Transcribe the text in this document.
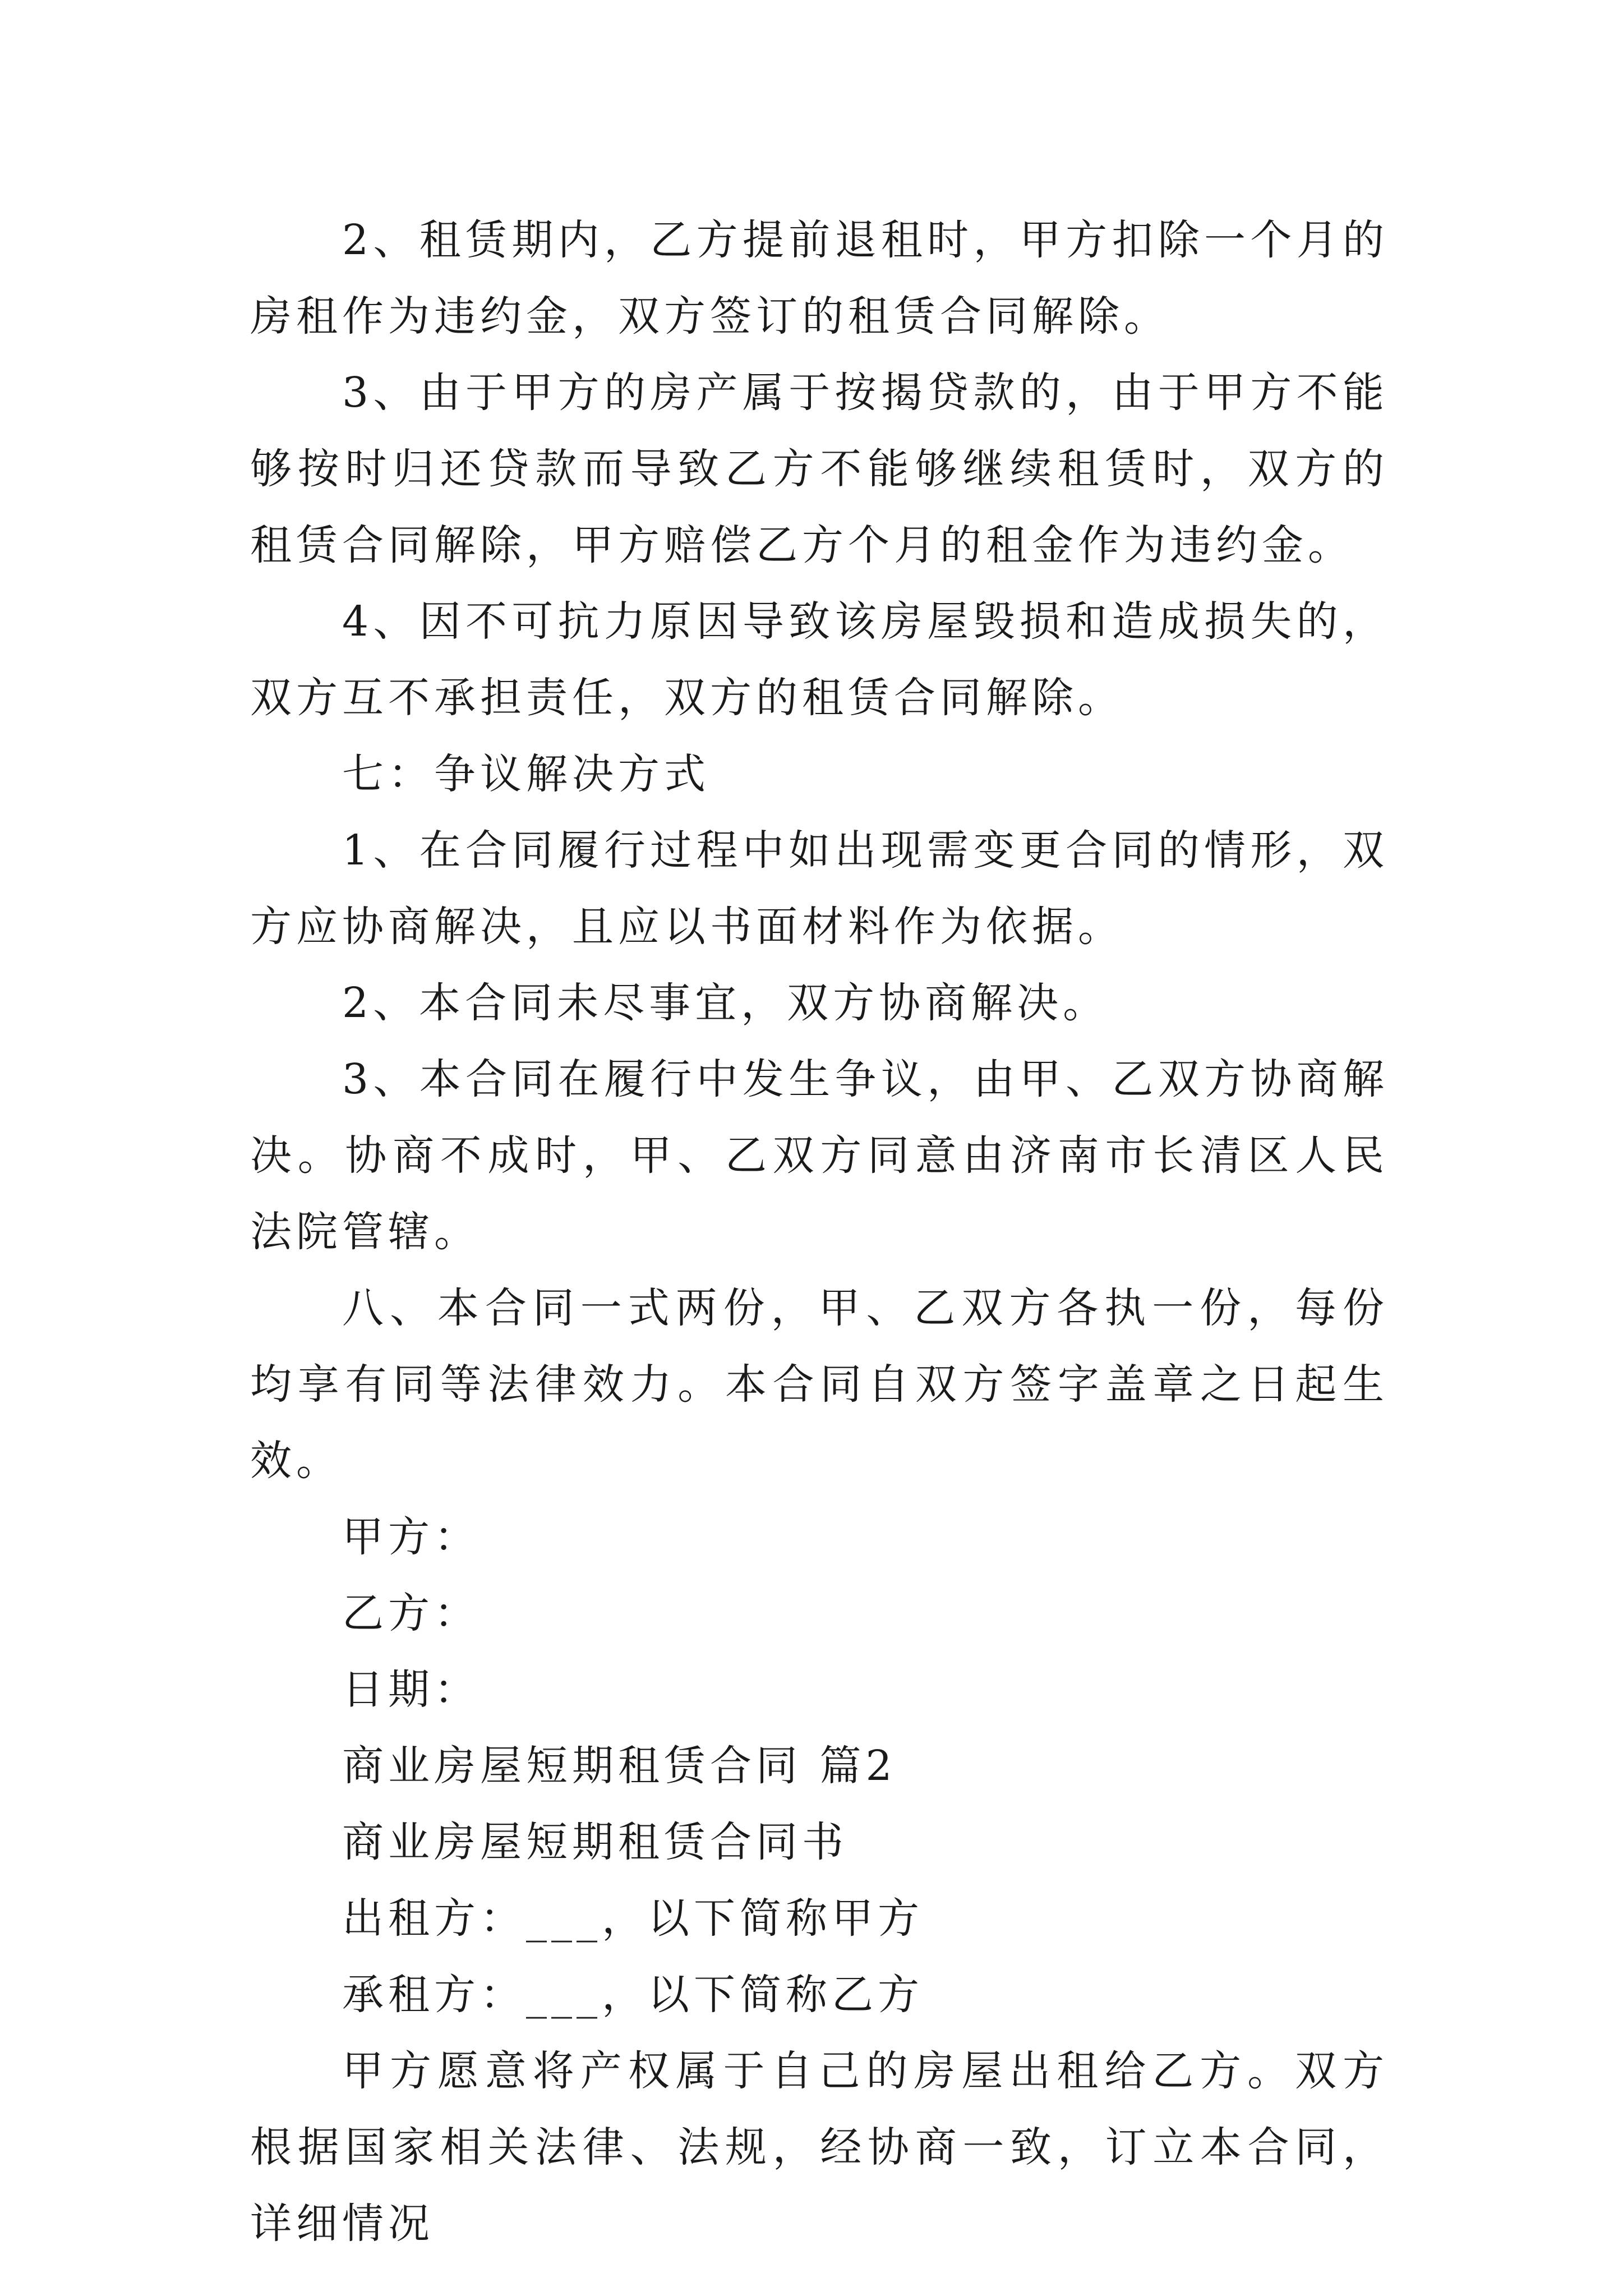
2、租赁期内，乙方提前退租时，甲方扣除一个月的房租作为违约金，双方签订的租赁合同解除。

3、由于甲方的房产属于按揭贷款的，由于甲方不能够按时归还贷款而导致乙方不能够继续租赁时，双方的租赁合同解除，甲方赔偿乙方个月的租金作为违约金。

4、因不可抗力原因导致该房屋毁损和造成损失的，双方互不承担责任，双方的租赁合同解除。

七：争议解决方式

1、在合同履行过程中如出现需变更合同的情形，双方应协商解决，且应以书面材料作为依据。

2、本合同未尽事宜，双方协商解决。

3、本合同在履行中发生争议，由甲、乙双方协商解决。协商不成时，甲、乙双方同意由济南市长清区人民法院管辖。

八、本合同一式两份，甲、乙双方各执一份，每份均享有同等法律效力。本合同自双方签字盖章之日起生效。

甲方：

乙方：

日期：

商业房屋短期租赁合同 篇2

商业房屋短期租赁合同书

出租方：___，以下简称甲方

承租方：___，以下简称乙方

甲方愿意将产权属于自己的房屋出租给乙方。双方根据国家相关法律、法规，经协商一致，订立本合同，详细情况
